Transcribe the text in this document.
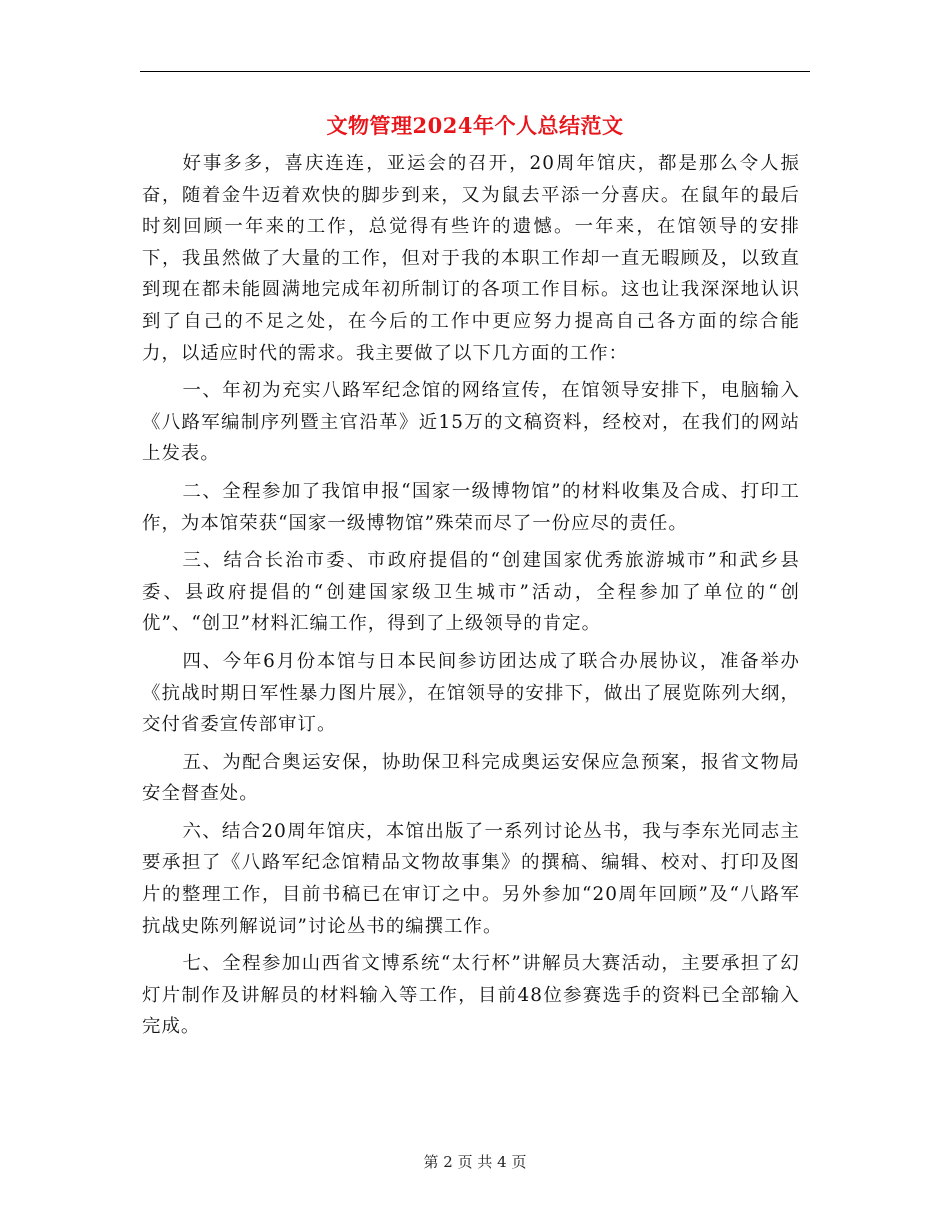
文物管理2024年个人总结范文

好事多多，喜庆连连，亚运会的召开，20周年馆庆，都是那么令人振奋，随着金牛迈着欢快的脚步到来，又为鼠去平添一分喜庆。在鼠年的最后时刻回顾一年来的工作，总觉得有些许的遗憾。一年来，在馆领导的安排下，我虽然做了大量的工作，但对于我的本职工作却一直无暇顾及，以致直到现在都未能圆满地完成年初所制订的各项工作目标。这也让我深深地认识到了自己的不足之处，在今后的工作中更应努力提高自己各方面的综合能力，以适应时代的需求。我主要做了以下几方面的工作：

一、年初为充实八路军纪念馆的网络宣传，在馆领导安排下，电脑输入《八路军编制序列暨主官沿革》近15万的文稿资料，经校对，在我们的网站上发表。

二、全程参加了我馆申报“国家一级博物馆”的材料收集及合成、打印工作，为本馆荣获“国家一级博物馆”殊荣而尽了一份应尽的责任。

三、结合长治市委、市政府提倡的“创建国家优秀旅游城市”和武乡县委、县政府提倡的“创建国家级卫生城市”活动，全程参加了单位的“创优”、“创卫”材料汇编工作，得到了上级领导的肯定。

四、今年6月份本馆与日本民间参访团达成了联合办展协议，准备举办《抗战时期日军性暴力图片展》，在馆领导的安排下，做出了展览陈列大纲，交付省委宣传部审订。

五、为配合奥运安保，协助保卫科完成奥运安保应急预案，报省文物局安全督查处。

六、结合20周年馆庆，本馆出版了一系列讨论丛书，我与李东光同志主要承担了《八路军纪念馆精品文物故事集》的撰稿、编辑、校对、打印及图片的整理工作，目前书稿已在审订之中。另外参加“20周年回顾”及“八路军抗战史陈列解说词”讨论丛书的编撰工作。

七、全程参加山西省文博系统“太行杯”讲解员大赛活动，主要承担了幻灯片制作及讲解员的材料输入等工作，目前48位参赛选手的资料已全部输入完成。

第 2 页 共 4 页
